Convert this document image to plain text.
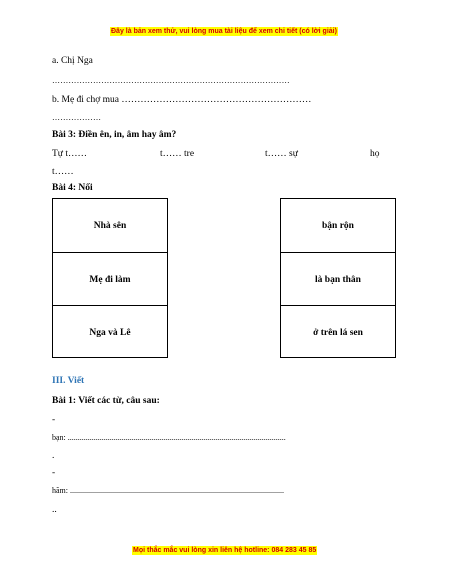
Đây là bản xem thử, vui lòng mua tài liệu để xem chi tiết (có lời giải)
a. Chị Nga
……………………………………………………………………………
b. Mẹ đi chợ mua ……………………………………………………
………………
Bài 3: Điền ên, in, âm hay âm?
Tự t……	t…… tre	t…… sự	họ
t……
Bài 4: Nối
Nhà sên
Mẹ đi làm
Nga và Lê
bận rộn
là bạn thân
ở trên lá sen
III. Viết
Bài 1: Viết các từ, câu sau:
-
bạn: .............................................................................................................
.
-
hãm: ...........................................................................................................
..
Mọi thắc mắc vui lòng xin liên hệ hotline: 084 283 45 85
